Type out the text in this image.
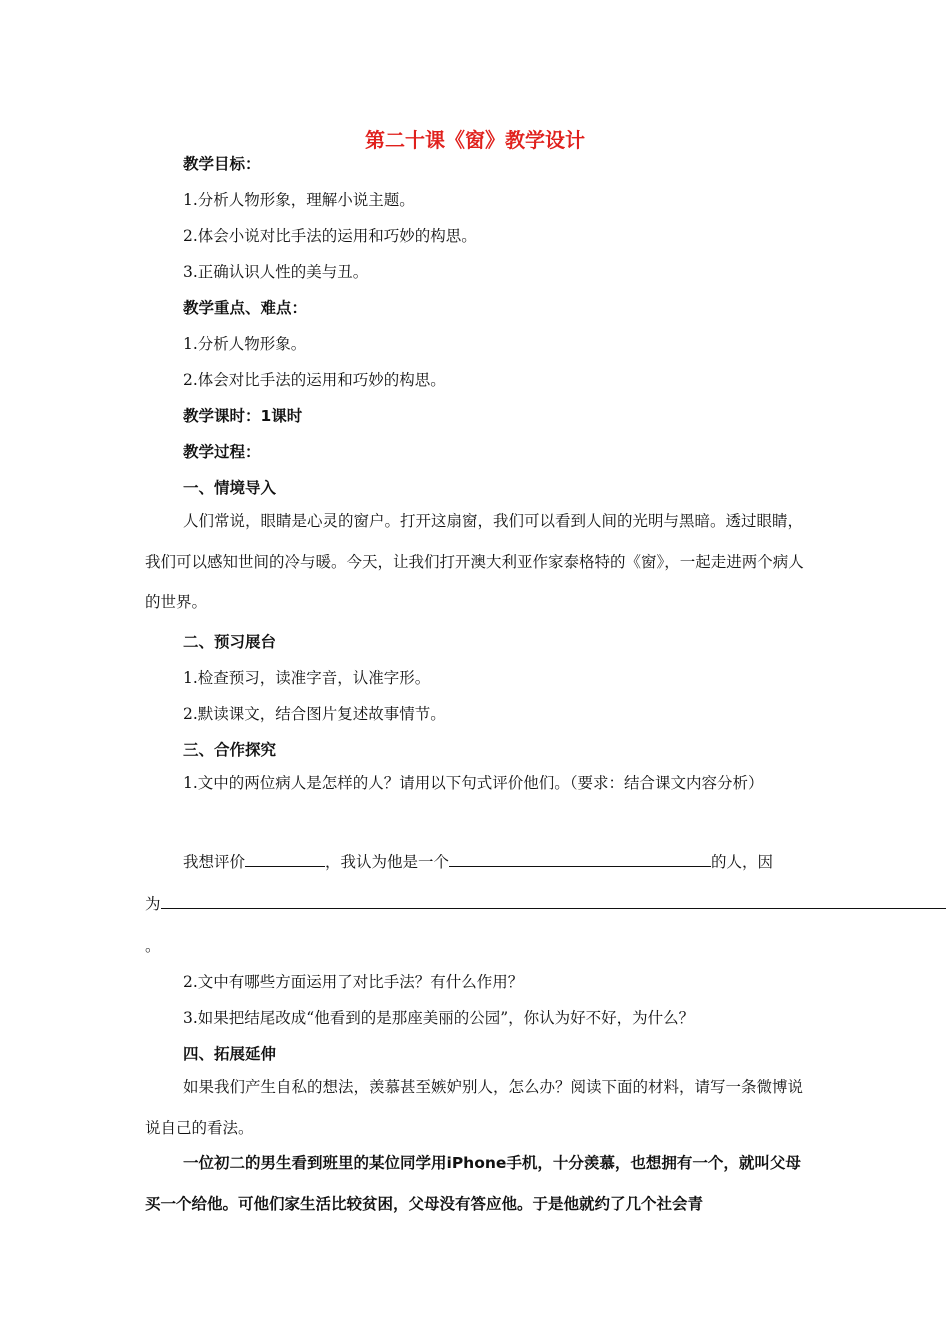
第二十课《窗》教学设计
教学目标：
1.分析人物形象，理解小说主题。
2.体会小说对比手法的运用和巧妙的构思。
3.正确认识人性的美与丑。
教学重点、难点：
1.分析人物形象。
2.体会对比手法的运用和巧妙的构思。
教学课时：1课时
教学过程：
一、情境导入
人们常说，眼睛是心灵的窗户。打开这扇窗，我们可以看到人间的光明与黑暗。透过眼睛，我们可以感知世间的冷与暖。今天，让我们打开澳大利亚作家泰格特的《窗》，一起走进两个病人的世界。
二、预习展台
1.检查预习，读准字音，认准字形。
2.默读课文，结合图片复述故事情节。
三、合作探究
1.文中的两位病人是怎样的人？请用以下句式评价他们。（要求：结合课文内容分析）
我想评价	，我认为他是一个	的人，因
为
。
2.文中有哪些方面运用了对比手法？有什么作用？
3.如果把结尾改成“他看到的是那座美丽的公园”，你认为好不好，为什么？
四、拓展延伸
如果我们产生自私的想法，羡慕甚至嫉妒别人，怎么办？阅读下面的材料，请写一条微博说说自己的看法。
一位初二的男生看到班里的某位同学用iPhone手机，十分羡慕，也想拥有一个，就叫父母买一个给他。可他们家生活比较贫困，父母没有答应他。于是他就约了几个社会青
